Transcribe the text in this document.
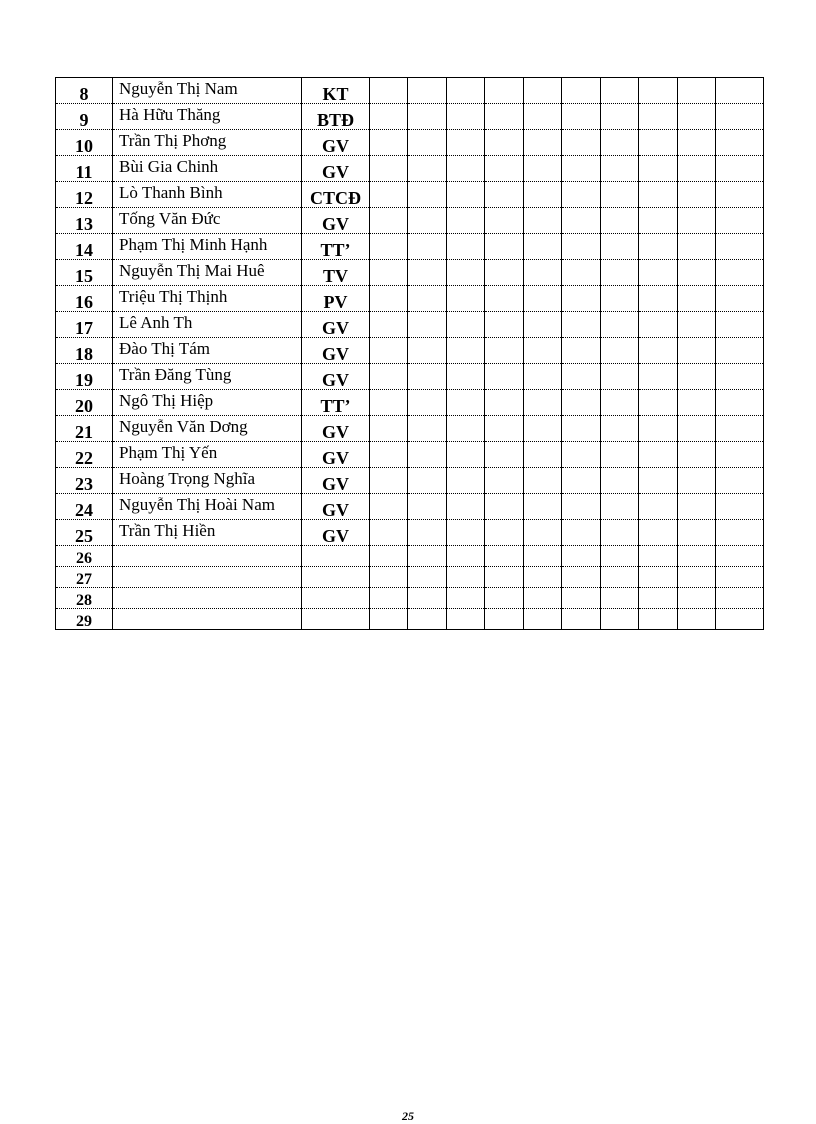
8	Nguyễn Thị Nam	KT										
9	Hà Hữu Thăng	BTĐ										
10	Trần Thị Phơng	GV										
11	Bùi Gia Chinh	GV										
12	Lò Thanh Bình	CTCĐ										
13	Tống Văn Đức	GV										
14	Phạm Thị Minh Hạnh	TT’										
15	Nguyễn Thị Mai Huê	TV										
16	Triệu Thị Thịnh	PV										
17	Lê Anh Th	GV										
18	Đào Thị Tám	GV										
19	Trần Đăng Tùng	GV										
20	Ngô Thị Hiệp	TT’										
21	Nguyễn Văn Dơng	GV										
22	Phạm Thị Yến	GV										
23	Hoàng Trọng Nghĩa	GV										
24	Nguyễn Thị Hoài Nam	GV										
25	Trần Thị Hiền	GV										
26												
27												
28												
29												
25
